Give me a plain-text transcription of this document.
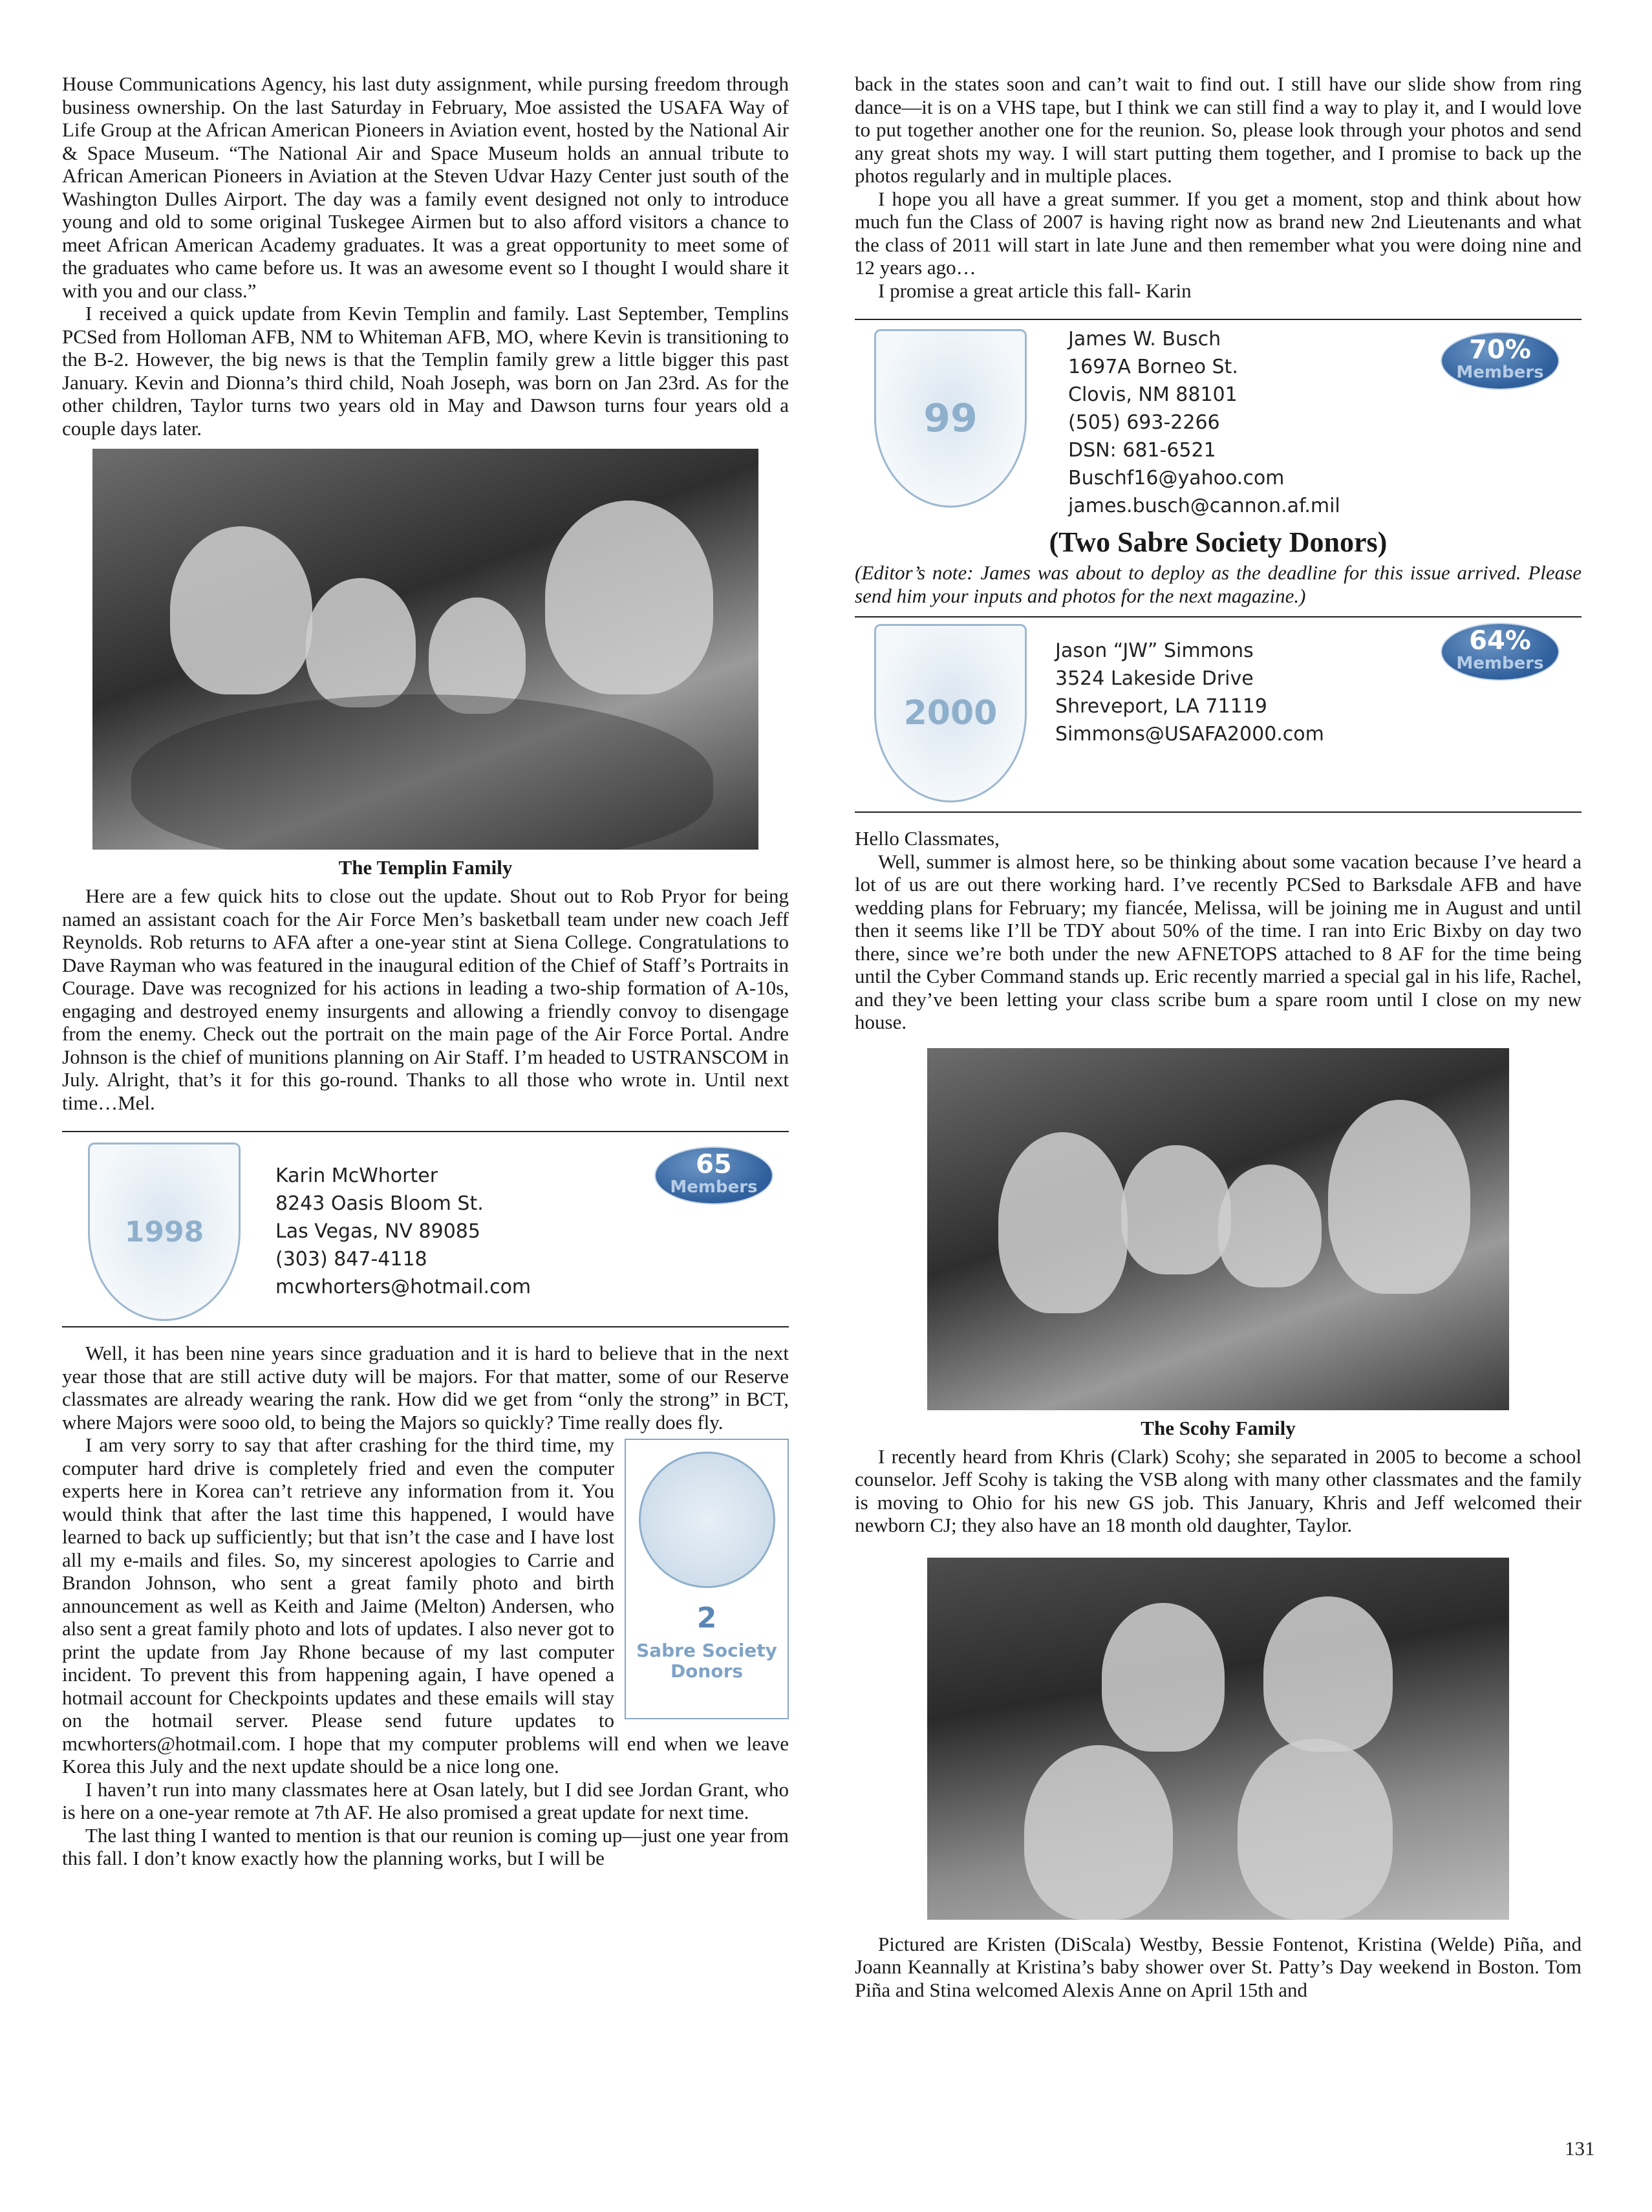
House Communications Agency, his last duty assignment, while pursing freedom through business ownership. On the last Saturday in February, Moe assisted the USAFA Way of Life Group at the African American Pioneers in Aviation event, hosted by the National Air & Space Museum. “The National Air and Space Museum holds an annual tribute to African American Pioneers in Aviation at the Steven Udvar Hazy Center just south of the Washington Dulles Airport. The day was a family event designed not only to introduce young and old to some original Tuskegee Airmen but to also afford visitors a chance to meet African American Academy graduates. It was a great opportunity to meet some of the graduates who came before us. It was an awesome event so I thought I would share it with you and our class.”

I received a quick update from Kevin Templin and family. Last September, Templins PCSed from Holloman AFB, NM to Whiteman AFB, MO, where Kevin is transitioning to the B-2. However, the big news is that the Templin family grew a little bigger this past January. Kevin and Dionna’s third child, Noah Joseph, was born on Jan 23rd. As for the other children, Taylor turns two years old in May and Dawson turns four years old a couple days later.

The Templin Family

Here are a few quick hits to close out the update. Shout out to Rob Pryor for being named an assistant coach for the Air Force Men’s basketball team under new coach Jeff Reynolds. Rob returns to AFA after a one-year stint at Siena College. Congratulations to Dave Rayman who was featured in the inaugural edition of the Chief of Staff’s Portraits in Courage. Dave was recognized for his actions in leading a two-ship formation of A-10s, engaging and destroyed enemy insurgents and allowing a friendly convoy to disengage from the enemy. Check out the portrait on the main page of the Air Force Portal. Andre Johnson is the chief of munitions planning on Air Staff. I’m headed to USTRANSCOM in July. Alright, that’s it for this go-round. Thanks to all those who wrote in. Until next time…Mel.

1998
Karin McWhorter
8243 Oasis Bloom St.
Las Vegas, NV 89085
(303) 847-4118
mcwhorters@hotmail.com
65
Members

Well, it has been nine years since graduation and it is hard to believe that in the next year those that are still active duty will be majors. For that matter, some of our Reserve classmates are already wearing the rank. How did we get from “only the strong” in BCT, where Majors were sooo old, to being the Majors so quickly? Time really does fly.

2
Sabre Society
Donors

I am very sorry to say that after crashing for the third time, my computer hard drive is completely fried and even the computer experts here in Korea can’t retrieve any information from it. You would think that after the last time this happened, I would have learned to back up sufficiently; but that isn’t the case and I have lost all my e-mails and files. So, my sincerest apologies to Carrie and Brandon Johnson, who sent a great family photo and birth announcement as well as Keith and Jaime (Melton) Andersen, who also sent a great family photo and lots of updates. I also never got to print the update from Jay Rhone because of my last computer incident. To prevent this from happening again, I have opened a hotmail account for Checkpoints updates and these emails will stay on the hotmail server. Please send future updates to mcwhorters@hotmail.com. I hope that my computer problems will end when we leave Korea this July and the next update should be a nice long one.

I haven’t run into many classmates here at Osan lately, but I did see Jordan Grant, who is here on a one-year remote at 7th AF. He also promised a great update for next time.

The last thing I wanted to mention is that our reunion is coming up—just one year from this fall. I don’t know exactly how the planning works, but I will be

back in the states soon and can’t wait to find out. I still have our slide show from ring dance—it is on a VHS tape, but I think we can still find a way to play it, and I would love to put together another one for the reunion. So, please look through your photos and send any great shots my way. I will start putting them together, and I promise to back up the photos regularly and in multiple places.

I hope you all have a great summer. If you get a moment, stop and think about how much fun the Class of 2007 is having right now as brand new 2nd Lieutenants and what the class of 2011 will start in late June and then remember what you were doing nine and 12 years ago…

I promise a great article this fall- Karin

99
James W. Busch
1697A Borneo St.
Clovis, NM 88101
(505) 693-2266
DSN: 681-6521
Buschf16@yahoo.com
james.busch@cannon.af.mil
70%
Members
(Two Sabre Society Donors)

(Editor’s note: James was about to deploy as the deadline for this issue arrived. Please send him your inputs and photos for the next magazine.)

2000
Jason “JW” Simmons
3524 Lakeside Drive
Shreveport, LA 71119
Simmons@USAFA2000.com
64%
Members

Hello Classmates,

Well, summer is almost here, so be thinking about some vacation because I’ve heard a lot of us are out there working hard. I’ve recently PCSed to Barksdale AFB and have wedding plans for February; my fiancée, Melissa, will be joining me in August and until then it seems like I’ll be TDY about 50% of the time. I ran into Eric Bixby on day two there, since we’re both under the new AFNETOPS attached to 8 AF for the time being until the Cyber Command stands up. Eric recently married a special gal in his life, Rachel, and they’ve been letting your class scribe bum a spare room until I close on my new house.

The Scohy Family

I recently heard from Khris (Clark) Scohy; she separated in 2005 to become a school counselor. Jeff Scohy is taking the VSB along with many other classmates and the family is moving to Ohio for his new GS job. This January, Khris and Jeff welcomed their newborn CJ; they also have an 18 month old daughter, Taylor.

Pictured are Kristen (DiScala) Westby, Bessie Fontenot, Kristina (Welde) Piña, and Joann Keannally at Kristina’s baby shower over St. Patty’s Day weekend in Boston. Tom Piña and Stina welcomed Alexis Anne on April 15th and

131
